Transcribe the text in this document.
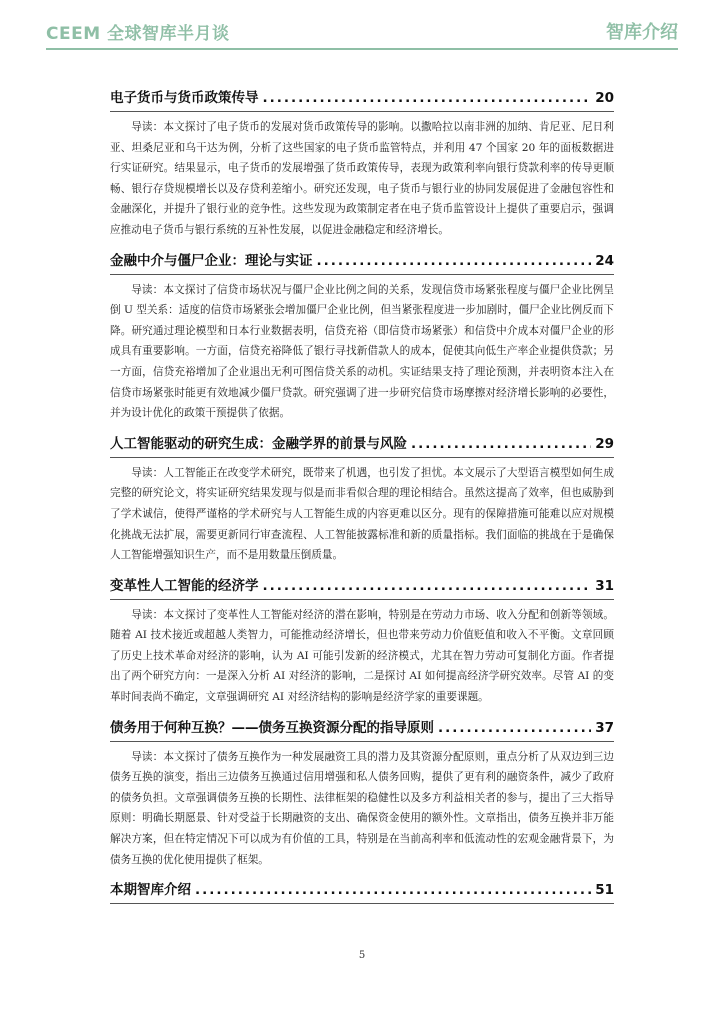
CEEM 全球智库半月谈	智库介绍
电子货币与货币政策传导 .....	20

导读：本文探讨了电子货币的发展对货币政策传导的影响。以撒哈拉以南非洲的加纳、肯尼亚、尼日利亚、坦桑尼亚和乌干达为例，分析了这些国家的电子货币监管特点，并利用 47 个国家 20 年的面板数据进行实证研究。结果显示，电子货币的发展增强了货币政策传导，表现为政策利率向银行贷款利率的传导更顺畅、银行存贷规模增长以及存贷利差缩小。研究还发现，电子货币与银行业的协同发展促进了金融包容性和金融深化，并提升了银行业的竞争性。这些发现为政策制定者在电子货币监管设计上提供了重要启示，强调应推动电子货币与银行系统的互补性发展，以促进金融稳定和经济增长。

金融中介与僵尸企业：理论与实证 .....	24

导读：本文探讨了信贷市场状况与僵尸企业比例之间的关系，发现信贷市场紧张程度与僵尸企业比例呈倒 U 型关系：适度的信贷市场紧张会增加僵尸企业比例，但当紧张程度进一步加剧时，僵尸企业比例反而下降。研究通过理论模型和日本行业数据表明，信贷充裕（即信贷市场紧张）和信贷中介成本对僵尸企业的形成具有重要影响。一方面，信贷充裕降低了银行寻找新借款人的成本，促使其向低生产率企业提供贷款；另一方面，信贷充裕增加了企业退出无利可图信贷关系的动机。实证结果支持了理论预测，并表明资本注入在信贷市场紧张时能更有效地减少僵尸贷款。研究强调了进一步研究信贷市场摩擦对经济增长影响的必要性，并为设计优化的政策干预提供了依据。

人工智能驱动的研究生成：金融学界的前景与风险 .....	29

导读：人工智能正在改变学术研究，既带来了机遇，也引发了担忧。本文展示了大型语言模型如何生成完整的研究论文，将实证研究结果发现与似是而非看似合理的理论相结合。虽然这提高了效率，但也威胁到了学术诚信，使得严谨格的学术研究与人工智能生成的内容更难以区分。现有的保障措施可能难以应对规模化挑战无法扩展，需要更新同行审查流程、人工智能披露标准和新的质量指标。我们面临的挑战在于是确保人工智能增强知识生产，而不是用数量压倒质量。

变革性人工智能的经济学 .....	31

导读：本文探讨了变革性人工智能对经济的潜在影响，特别是在劳动力市场、收入分配和创新等领域。随着 AI 技术接近或超越人类智力，可能推动经济增长，但也带来劳动力价值贬值和收入不平衡。文章回顾了历史上技术革命对经济的影响，认为 AI 可能引发新的经济模式，尤其在智力劳动可复制化方面。作者提出了两个研究方向：一是深入分析 AI 对经济的影响，二是探讨 AI 如何提高经济学研究效率。尽管 AI 的变革时间表尚不确定，文章强调研究 AI 对经济结构的影响是经济学家的重要课题。

债务用于何种互换？——债务互换资源分配的指导原则 .....	37

导读：本文探讨了债务互换作为一种发展融资工具的潜力及其资源分配原则，重点分析了从双边到三边债务互换的演变，指出三边债务互换通过信用增强和私人债务回购，提供了更有利的融资条件，减少了政府的债务负担。文章强调债务互换的长期性、法律框架的稳健性以及多方利益相关者的参与，提出了三大指导原则：明确长期愿景、针对受益于长期融资的支出、确保资金使用的额外性。文章指出，债务互换并非万能解决方案，但在特定情况下可以成为有价值的工具，特别是在当前高利率和低流动性的宏观金融背景下，为债务互换的优化使用提供了框架。

本期智库介绍 .....	51
5
